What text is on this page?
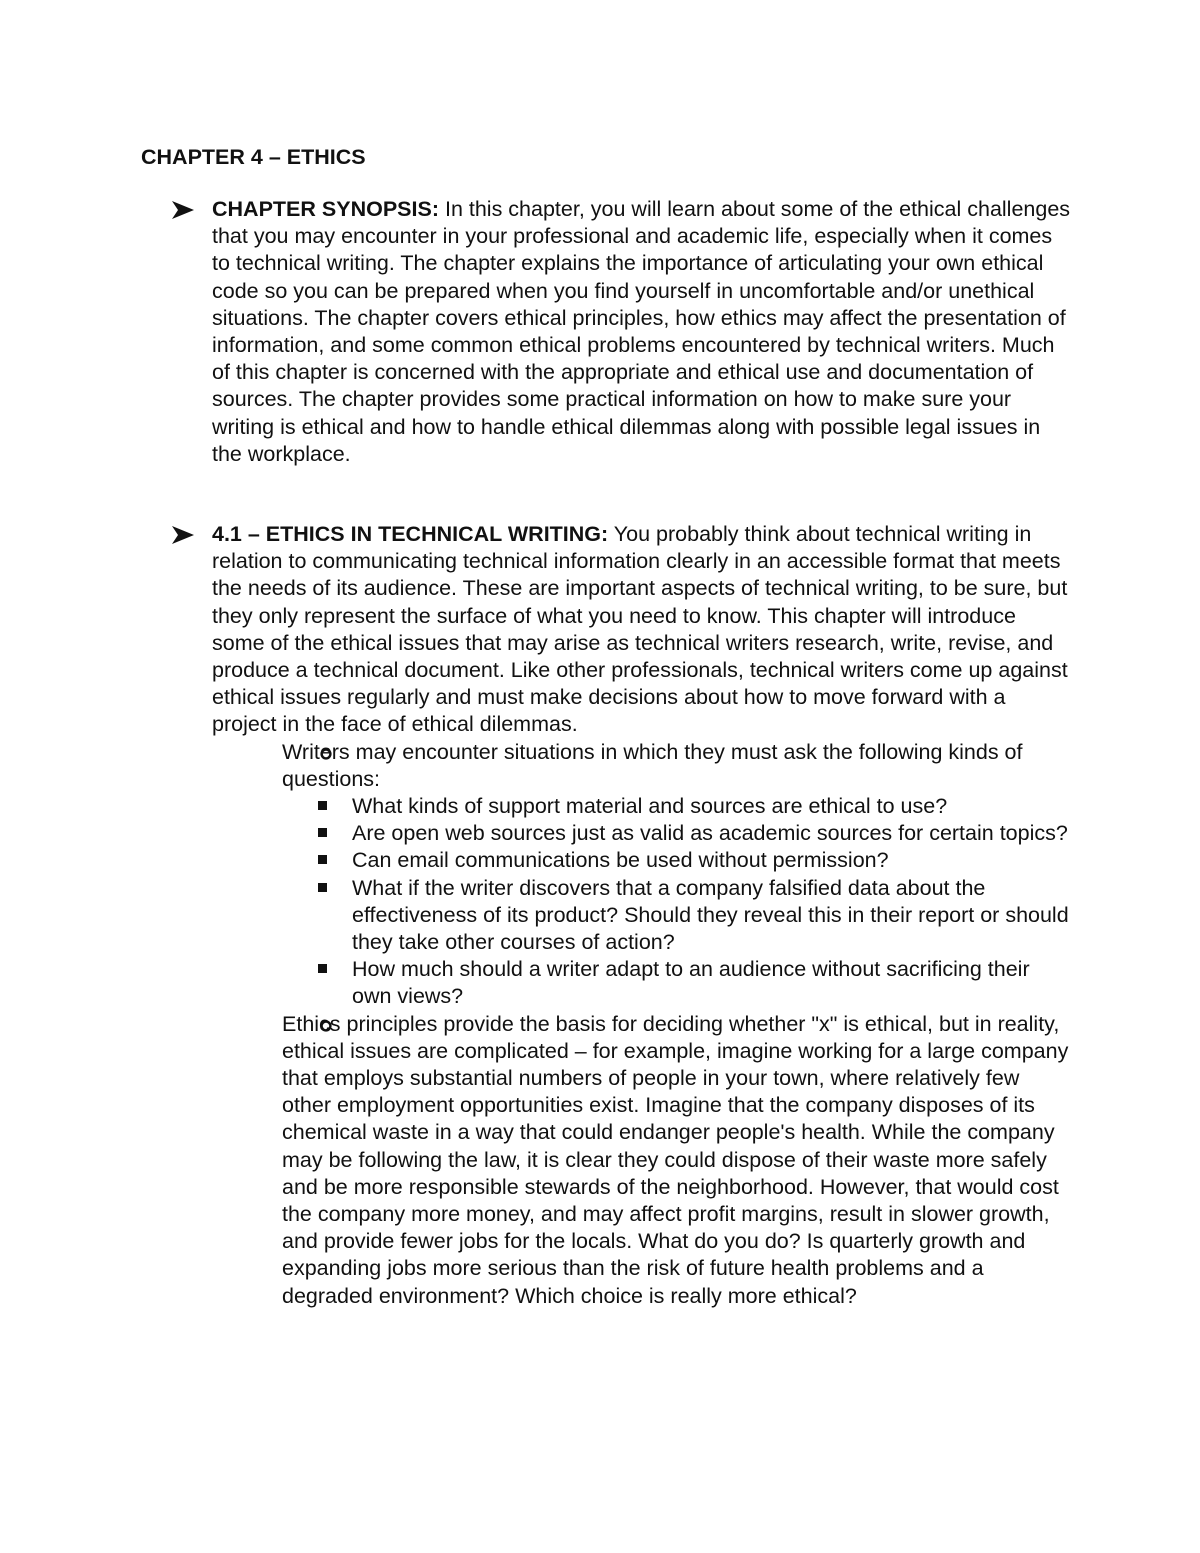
CHAPTER 4 – ETHICS

CHAPTER SYNOPSIS: In this chapter, you will learn about some of the ethical challenges that you may encounter in your professional and academic life, especially when it comes to technical writing. The chapter explains the importance of articulating your own ethical code so you can be prepared when you find yourself in uncomfortable and/or unethical situations. The chapter covers ethical principles, how ethics may affect the presentation of information, and some common ethical problems encountered by technical writers. Much of this chapter is concerned with the appropriate and ethical use and documentation of sources. The chapter provides some practical information on how to make sure your writing is ethical and how to handle ethical dilemmas along with possible legal issues in the workplace.

4.1 – ETHICS IN TECHNICAL WRITING: You probably think about technical writing in relation to communicating technical information clearly in an accessible format that meets the needs of its audience. These are important aspects of technical writing, to be sure, but they only represent the surface of what you need to know. This chapter will introduce some of the ethical issues that may arise as technical writers research, write, revise, and produce a technical document. Like other professionals, technical writers come up against ethical issues regularly and must make decisions about how to move forward with a project in the face of ethical dilemmas.

Writers may encounter situations in which they must ask the following kinds of questions:
What kinds of support material and sources are ethical to use?
Are open web sources just as valid as academic sources for certain topics?
Can email communications be used without permission?
What if the writer discovers that a company falsified data about the effectiveness of its product? Should they reveal this in their report or should they take other courses of action?
How much should a writer adapt to an audience without sacrificing their own views?
Ethics principles provide the basis for deciding whether "x" is ethical, but in reality, ethical issues are complicated – for example, imagine working for a large company that employs substantial numbers of people in your town, where relatively few other employment opportunities exist. Imagine that the company disposes of its chemical waste in a way that could endanger people's health. While the company may be following the law, it is clear they could dispose of their waste more safely and be more responsible stewards of the neighborhood. However, that would cost the company more money, and may affect profit margins, result in slower growth, and provide fewer jobs for the locals. What do you do? Is quarterly growth and expanding jobs more serious than the risk of future health problems and a degraded environment? Which choice is really more ethical?
